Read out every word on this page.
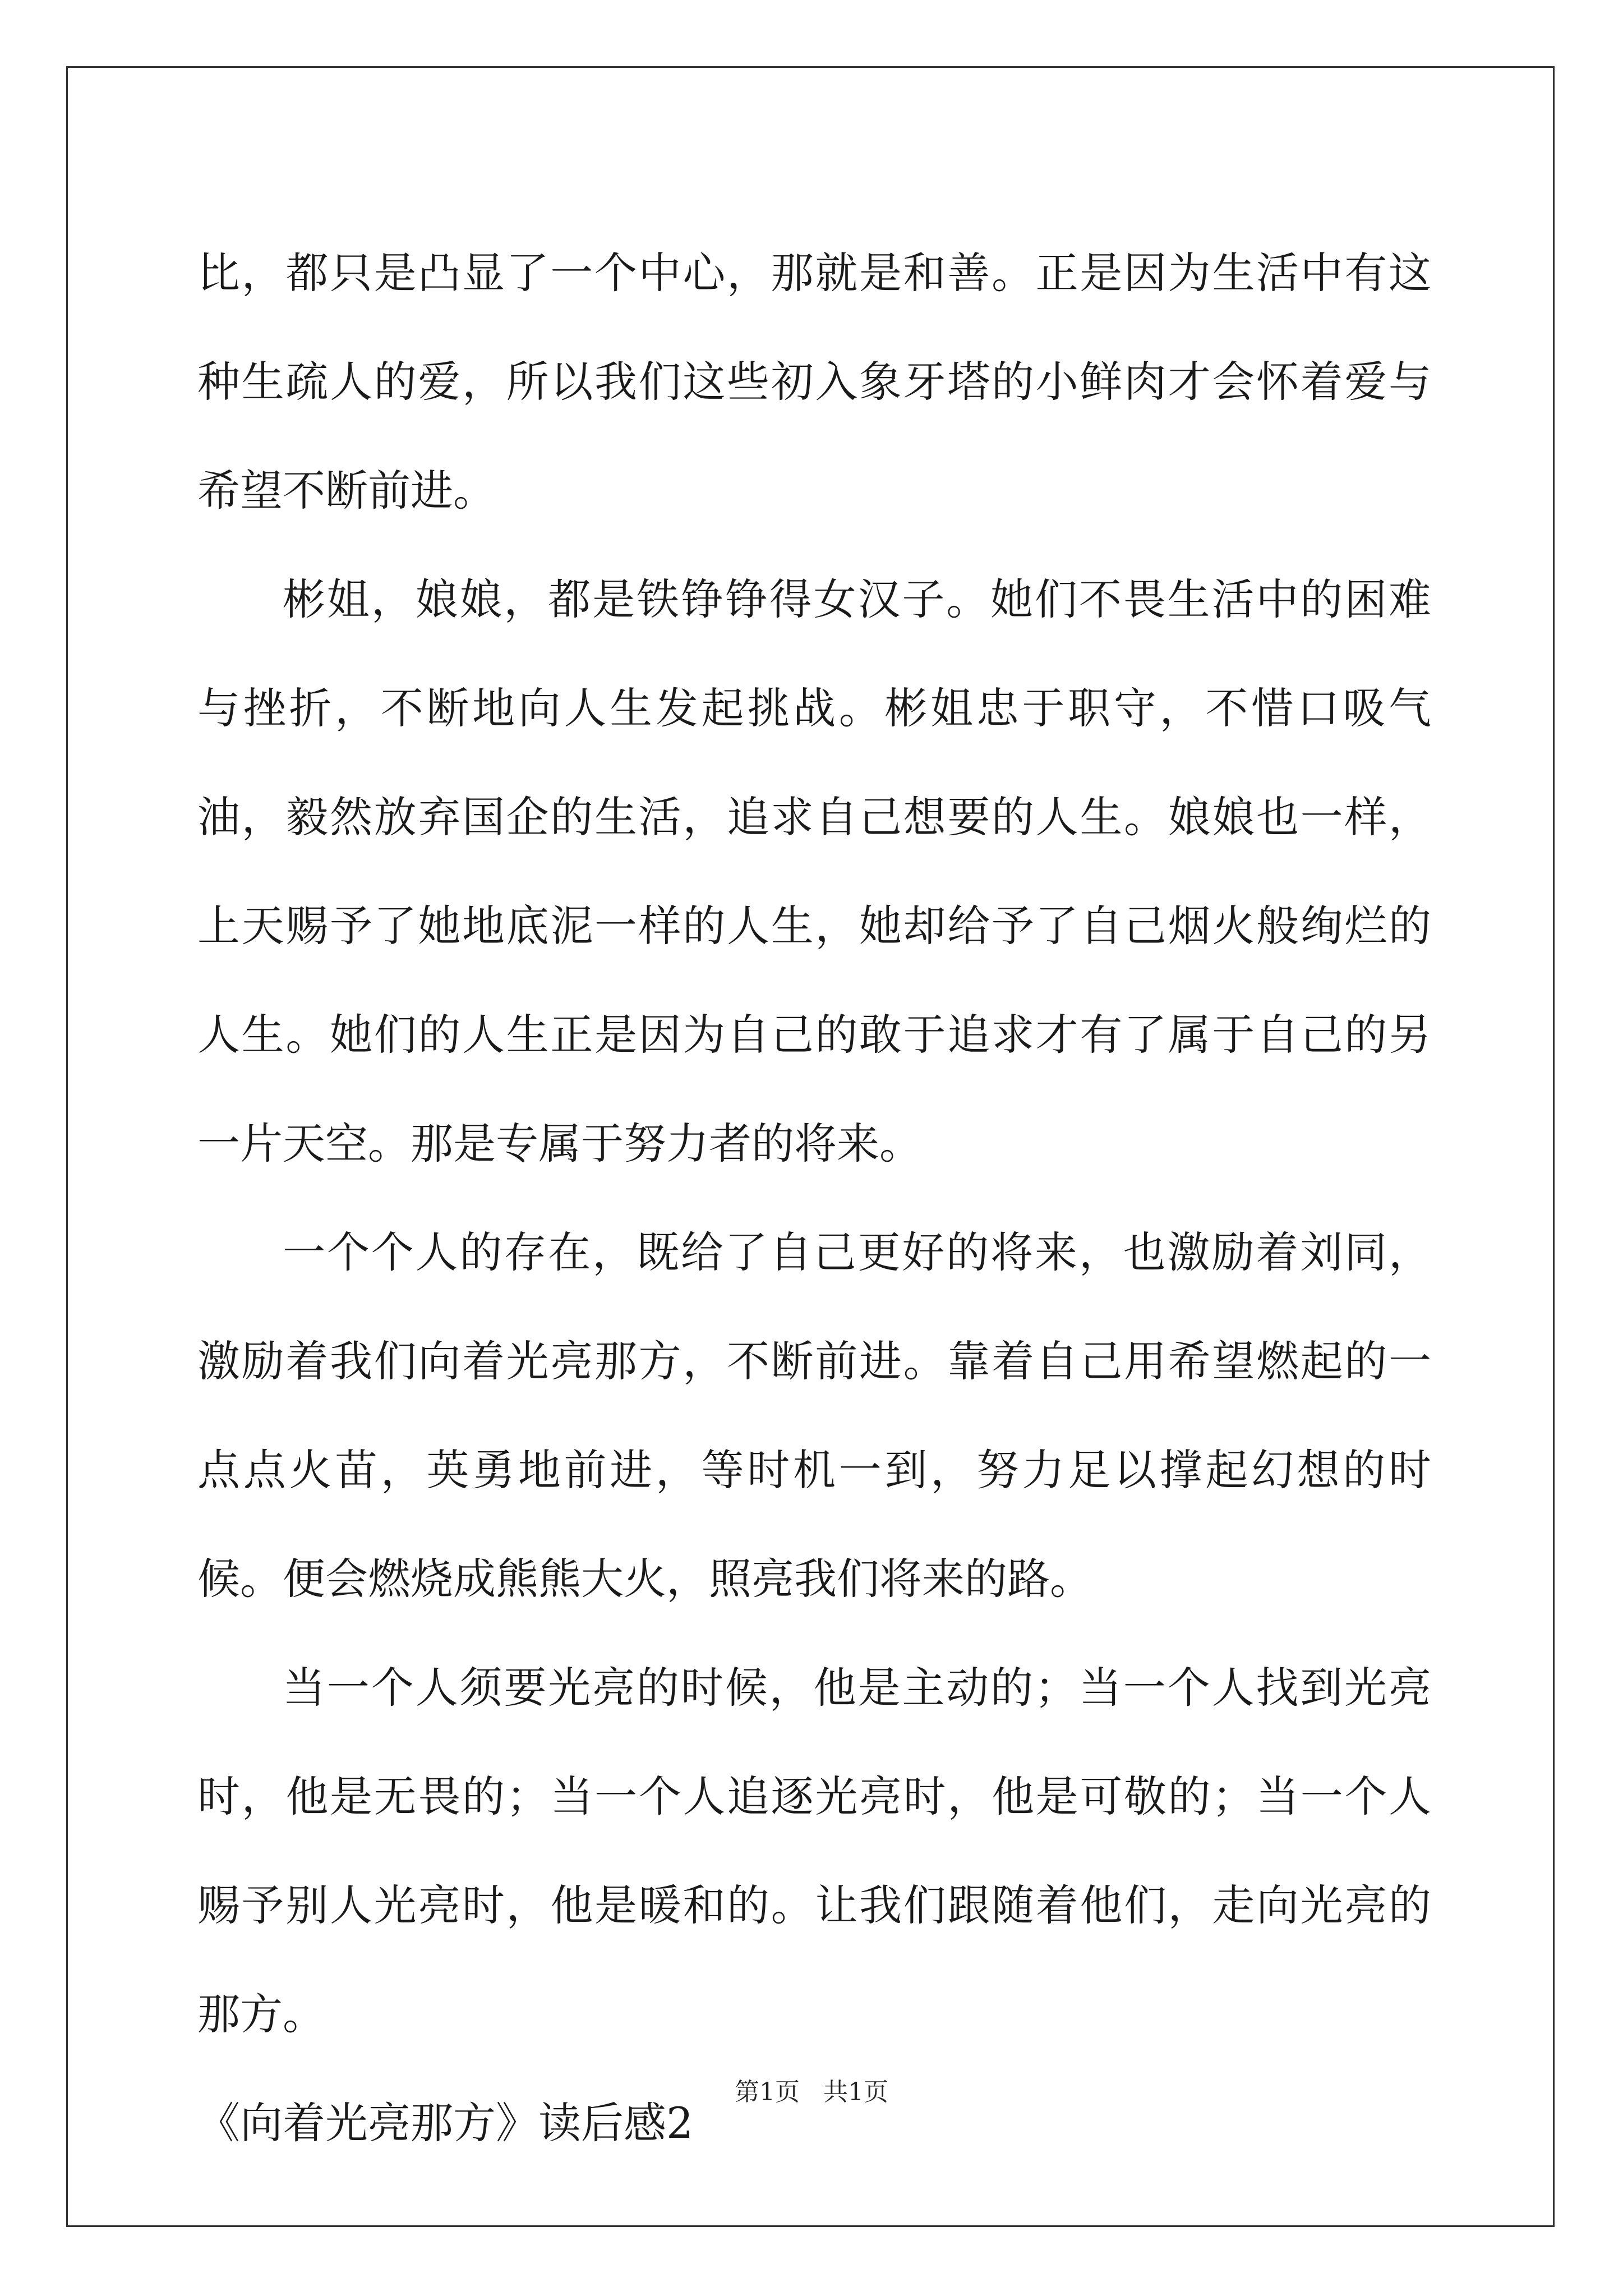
比，都只是凸显了一个中心，那就是和善。正是因为生活中有这种生疏人的爱，所以我们这些初入象牙塔的小鲜肉才会怀着爱与希望不断前进。

彬姐，娘娘，都是铁铮铮得女汉子。她们不畏生活中的困难与挫折，不断地向人生发起挑战。彬姐忠于职守，不惜口吸气油，毅然放弃国企的生活，追求自己想要的人生。娘娘也一样，上天赐予了她地底泥一样的人生，她却给予了自己烟火般绚烂的人生。她们的人生正是因为自己的敢于追求才有了属于自己的另一片天空。那是专属于努力者的将来。

一个个人的存在，既给了自己更好的将来，也激励着刘同，激励着我们向着光亮那方，不断前进。靠着自己用希望燃起的一点点火苗，英勇地前进，等时机一到，努力足以撑起幻想的时候。便会燃烧成熊熊大火，照亮我们将来的路。

当一个人须要光亮的时候，他是主动的；当一个人找到光亮时，他是无畏的；当一个人追逐光亮时，他是可敬的；当一个人赐予别人光亮时，他是暖和的。让我们跟随着他们，走向光亮的那方。

《向着光亮那方》读后感2

第1页 共1页
